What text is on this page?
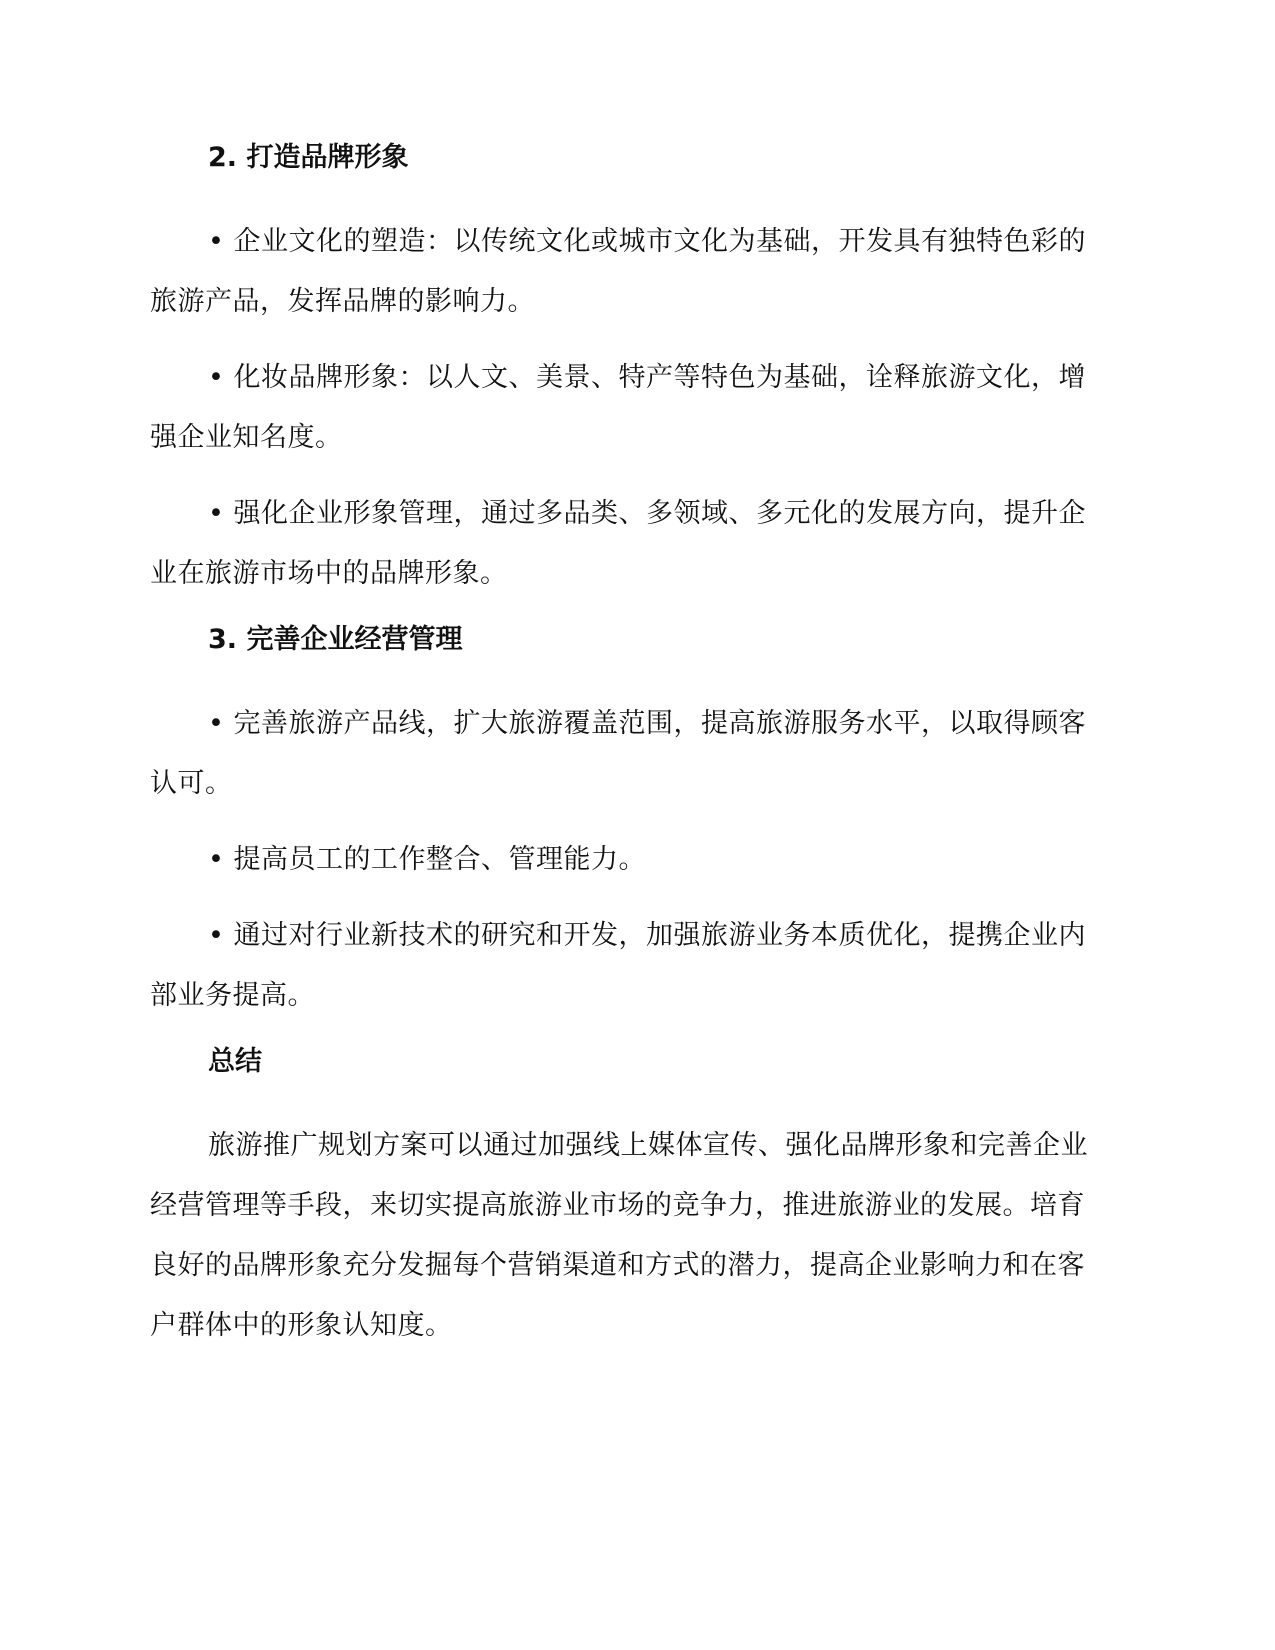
2. 打造品牌形象

• 企业文化的塑造：以传统文化或城市文化为基础，开发具有独特色彩的旅游产品，发挥品牌的影响力。

• 化妆品牌形象：以人文、美景、特产等特色为基础，诠释旅游文化，增强企业知名度。

• 强化企业形象管理，通过多品类、多领域、多元化的发展方向，提升企业在旅游市场中的品牌形象。

3. 完善企业经营管理

• 完善旅游产品线，扩大旅游覆盖范围，提高旅游服务水平，以取得顾客认可。

• 提高员工的工作整合、管理能力。

• 通过对行业新技术的研究和开发，加强旅游业务本质优化，提携企业内部业务提高。

总结

旅游推广规划方案可以通过加强线上媒体宣传、强化品牌形象和完善企业经营管理等手段，来切实提高旅游业市场的竞争力，推进旅游业的发展。培育良好的品牌形象充分发掘每个营销渠道和方式的潜力，提高企业影响力和在客户群体中的形象认知度。
